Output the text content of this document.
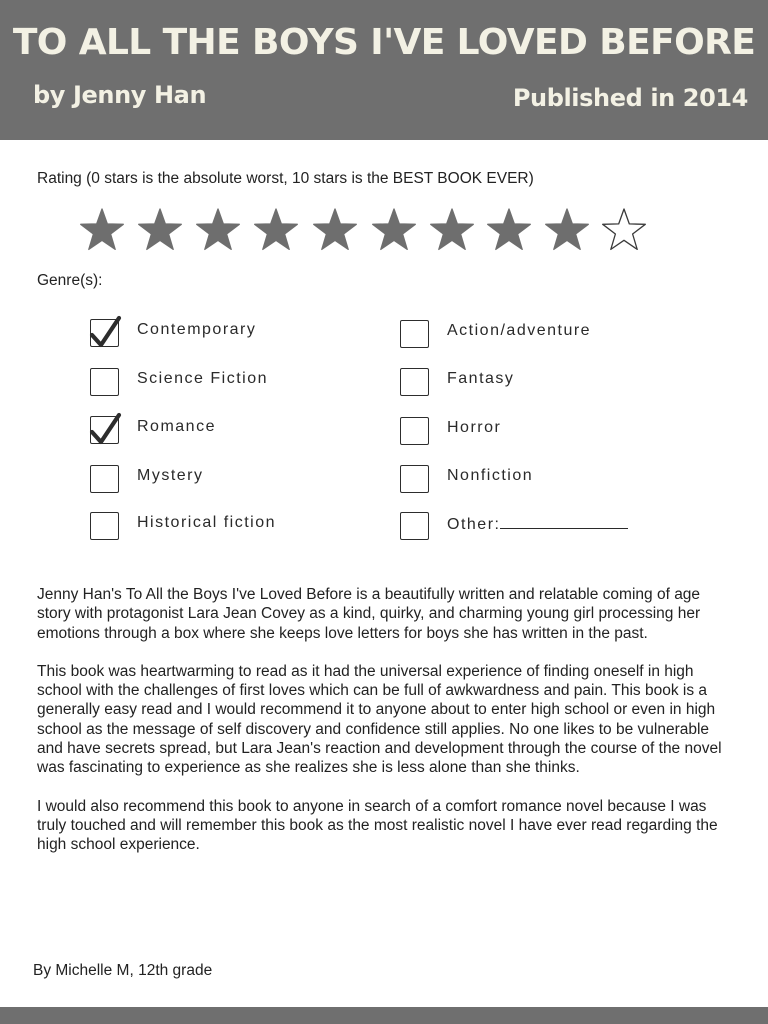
TO ALL THE BOYS I'VE LOVED BEFORE
by Jenny Han	Published in 2014
Rating (0 stars is the absolute worst, 10 stars is the BEST BOOK EVER)
Genre(s):
Contemporary	Action/adventure
Science Fiction	Fantasy
Romance	Horror
Mystery	Nonfiction
Historical fiction	Other:

Jenny Han's To All the Boys I've Loved Before is a beautifully written and relatable coming of age story with protagonist Lara Jean Covey as a kind, quirky, and charming young girl processing her emotions through a box where she keeps love letters for boys she has written in the past.

This book was heartwarming to read as it had the universal experience of finding oneself in high school with the challenges of first loves which can be full of awkwardness and pain. This book is a generally easy read and I would recommend it to anyone about to enter high school or even in high school as the message of self discovery and confidence still applies. No one likes to be vulnerable and have secrets spread, but Lara Jean's reaction and development through the course of the novel was fascinating to experience as she realizes she is less alone than she thinks.

I would also recommend this book to anyone in search of a comfort romance novel because I was truly touched and will remember this book as the most realistic novel I have ever read regarding the high school experience.

By Michelle M, 12th grade
